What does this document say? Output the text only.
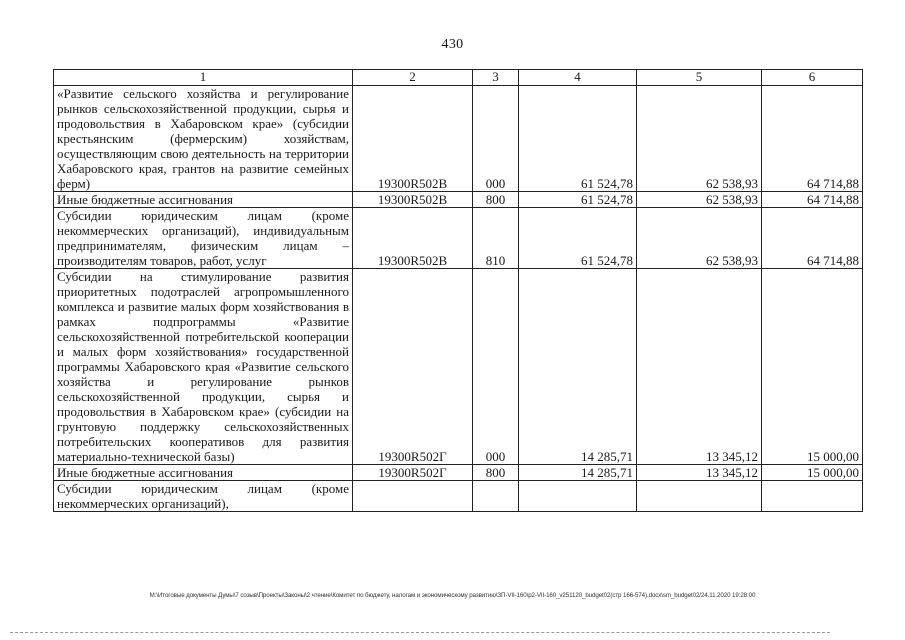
430
1	2	3	4	5	6
«Развитие сельского хозяйства и регулирование рынков сельскохозяйственной продукции, сырья и продовольствия в Хабаровском крае» (субсидии крестьянским (фермерским) хозяйствам, осуществляющим свою деятельность на территории Хабаровского края, грантов на развитие семейных ферм)	19300R502В	000	61 524,78	62 538,93	64 714,88
Иные бюджетные ассигнования	19300R502В	800	61 524,78	62 538,93	64 714,88
Субсидии юридическим лицам (кроме некоммерческих организаций), индивидуальным предпринимателям, физическим лицам – производителям товаров, работ, услуг	19300R502В	810	61 524,78	62 538,93	64 714,88
Субсидии на стимулирование развития приоритетных подотраслей агропромышленного комплекса и развитие малых форм хозяйствования в рамках подпрограммы «Развитие сельскохозяйственной потребительской кооперации и малых форм хозяйствования» государственной программы Хабаровского края «Развитие сельского хозяйства и регулирование рынков сельскохозяйственной продукции, сырья и продовольствия в Хабаровском крае» (субсидии на грунтовую поддержку сельскохозяйственных потребительских кооперативов для развития материально-технической базы)	19300R502Г	000	14 285,71	13 345,12	15 000,00
Иные бюджетные ассигнования	19300R502Г	800	14 285,71	13 345,12	15 000,00
Субсидии юридическим лицам (кроме некоммерческих организаций),					
M:\Итоговые документы Думы\7 созыв\Проекты\Законы\2 чтение\Комитет по бюджету, налогам и экономическому развитию\ЗП-VII-160\p2-VII-160_v251120_budget02(стр 166-574).docx\sm_budget02/24.11.2020 19:28:00
